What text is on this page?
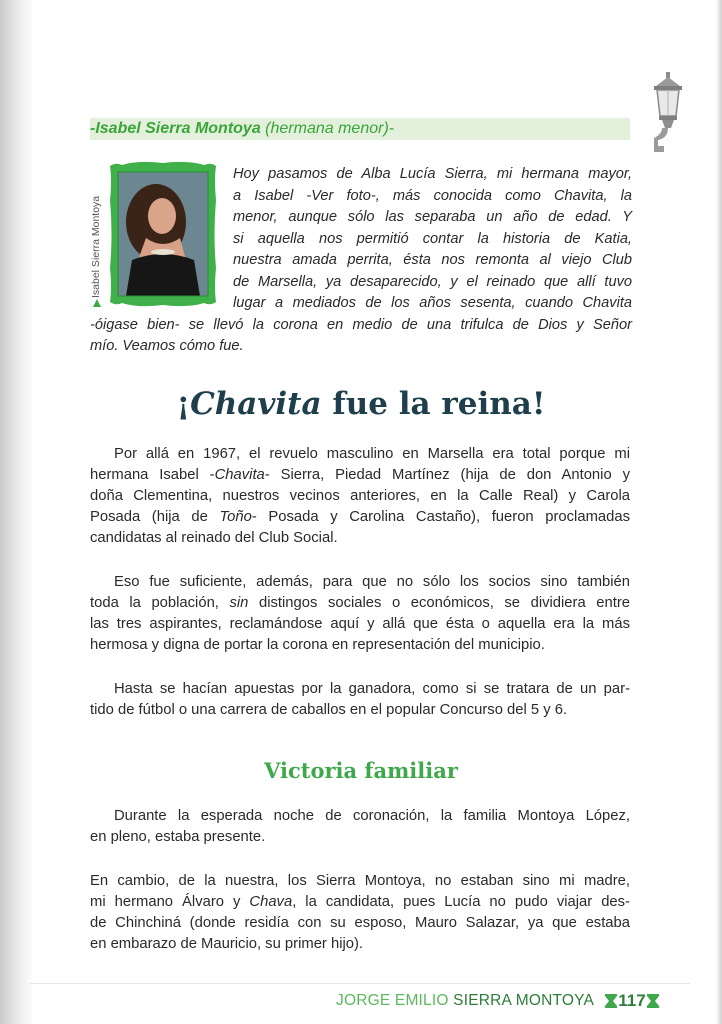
-Isabel Sierra Montoya (hermana menor)-
Isabel Sierra Montoya
Hoy pasamos de Alba Lucía Sierra, mi hermana mayor,
a Isabel -Ver foto-, más conocida como Chavita, la
menor, aunque sólo las separaba un año de edad. Y
si aquella nos permitió contar la historia de Katia,
nuestra amada perrita, ésta nos remonta al viejo Club
de Marsella, ya desaparecido, y el reinado que allí tuvo
lugar a mediados de los años sesenta, cuando Chavita
-óigase bien- se llevó la corona en medio de una trifulca de Dios y Señor
mío. Veamos cómo fue.
¡Chavita fue la reina!
Por allá en 1967, el revuelo masculino en Marsella era total porque mi
hermana Isabel -Chavita- Sierra, Piedad Martínez (hija de don Antonio y
doña Clementina, nuestros vecinos anteriores, en la Calle Real) y Carola
Posada (hija de Toño- Posada y Carolina Castaño), fueron proclamadas
candidatas al reinado del Club Social.
Eso fue suficiente, además, para que no sólo los socios sino también
toda la población, sin distingos sociales o económicos, se dividiera entre
las tres aspirantes, reclamándose aquí y allá que ésta o aquella era la más
hermosa y digna de portar la corona en representación del municipio.
Hasta se hacían apuestas por la ganadora, como si se tratara de un par-
tido de fútbol o una carrera de caballos en el popular Concurso del 5 y 6.
Victoria familiar
Durante la esperada noche de coronación, la familia Montoya López,
en pleno, estaba presente.
En cambio, de la nuestra, los Sierra Montoya, no estaban sino mi madre,
mi hermano Álvaro y Chava, la candidata, pues Lucía no pudo viajar des-
de Chinchiná (donde residía con su esposo, Mauro Salazar, ya que estaba
en embarazo de Mauricio, su primer hijo).
JORGE EMILIO SIERRA MONTOYA	117
